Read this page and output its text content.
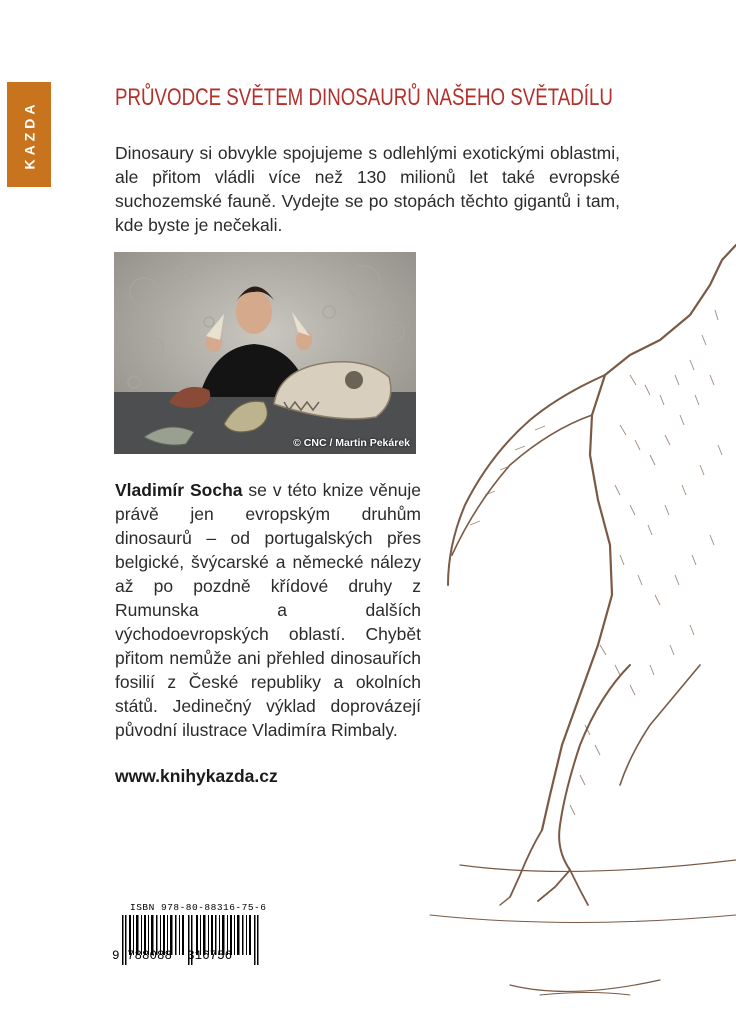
KAZDA
PRŮVODCE SVĚTEM DINOSAURŮ NAŠEHO SVĚTADÍLU

Dinosaury si obvykle spojujeme s odlehlými exotickými oblastmi, ale přitom vládli více než 130 milionů let také evropské suchozemské fauně. Vydejte se po stopách těchto gigantů i tam, kde byste je nečekali.

© CNC / Martin Pekárek

Vladimír Socha se v této knize věnuje právě jen evropským druhům dinosaurů – od portugalských přes belgické, švýcarské a německé nálezy až po pozdně křídové druhy z Rumunska a dalších východoevropských oblastí. Chybět přitom nemůže ani přehled dinosauřích fosilií z České republiky a okolních států. Jedinečný výklad doprovázejí původní ilustrace Vladimíra Rimbaly.

www.knihykazda.cz

ISBN 978-80-88316-75-6
9 788088 316756
